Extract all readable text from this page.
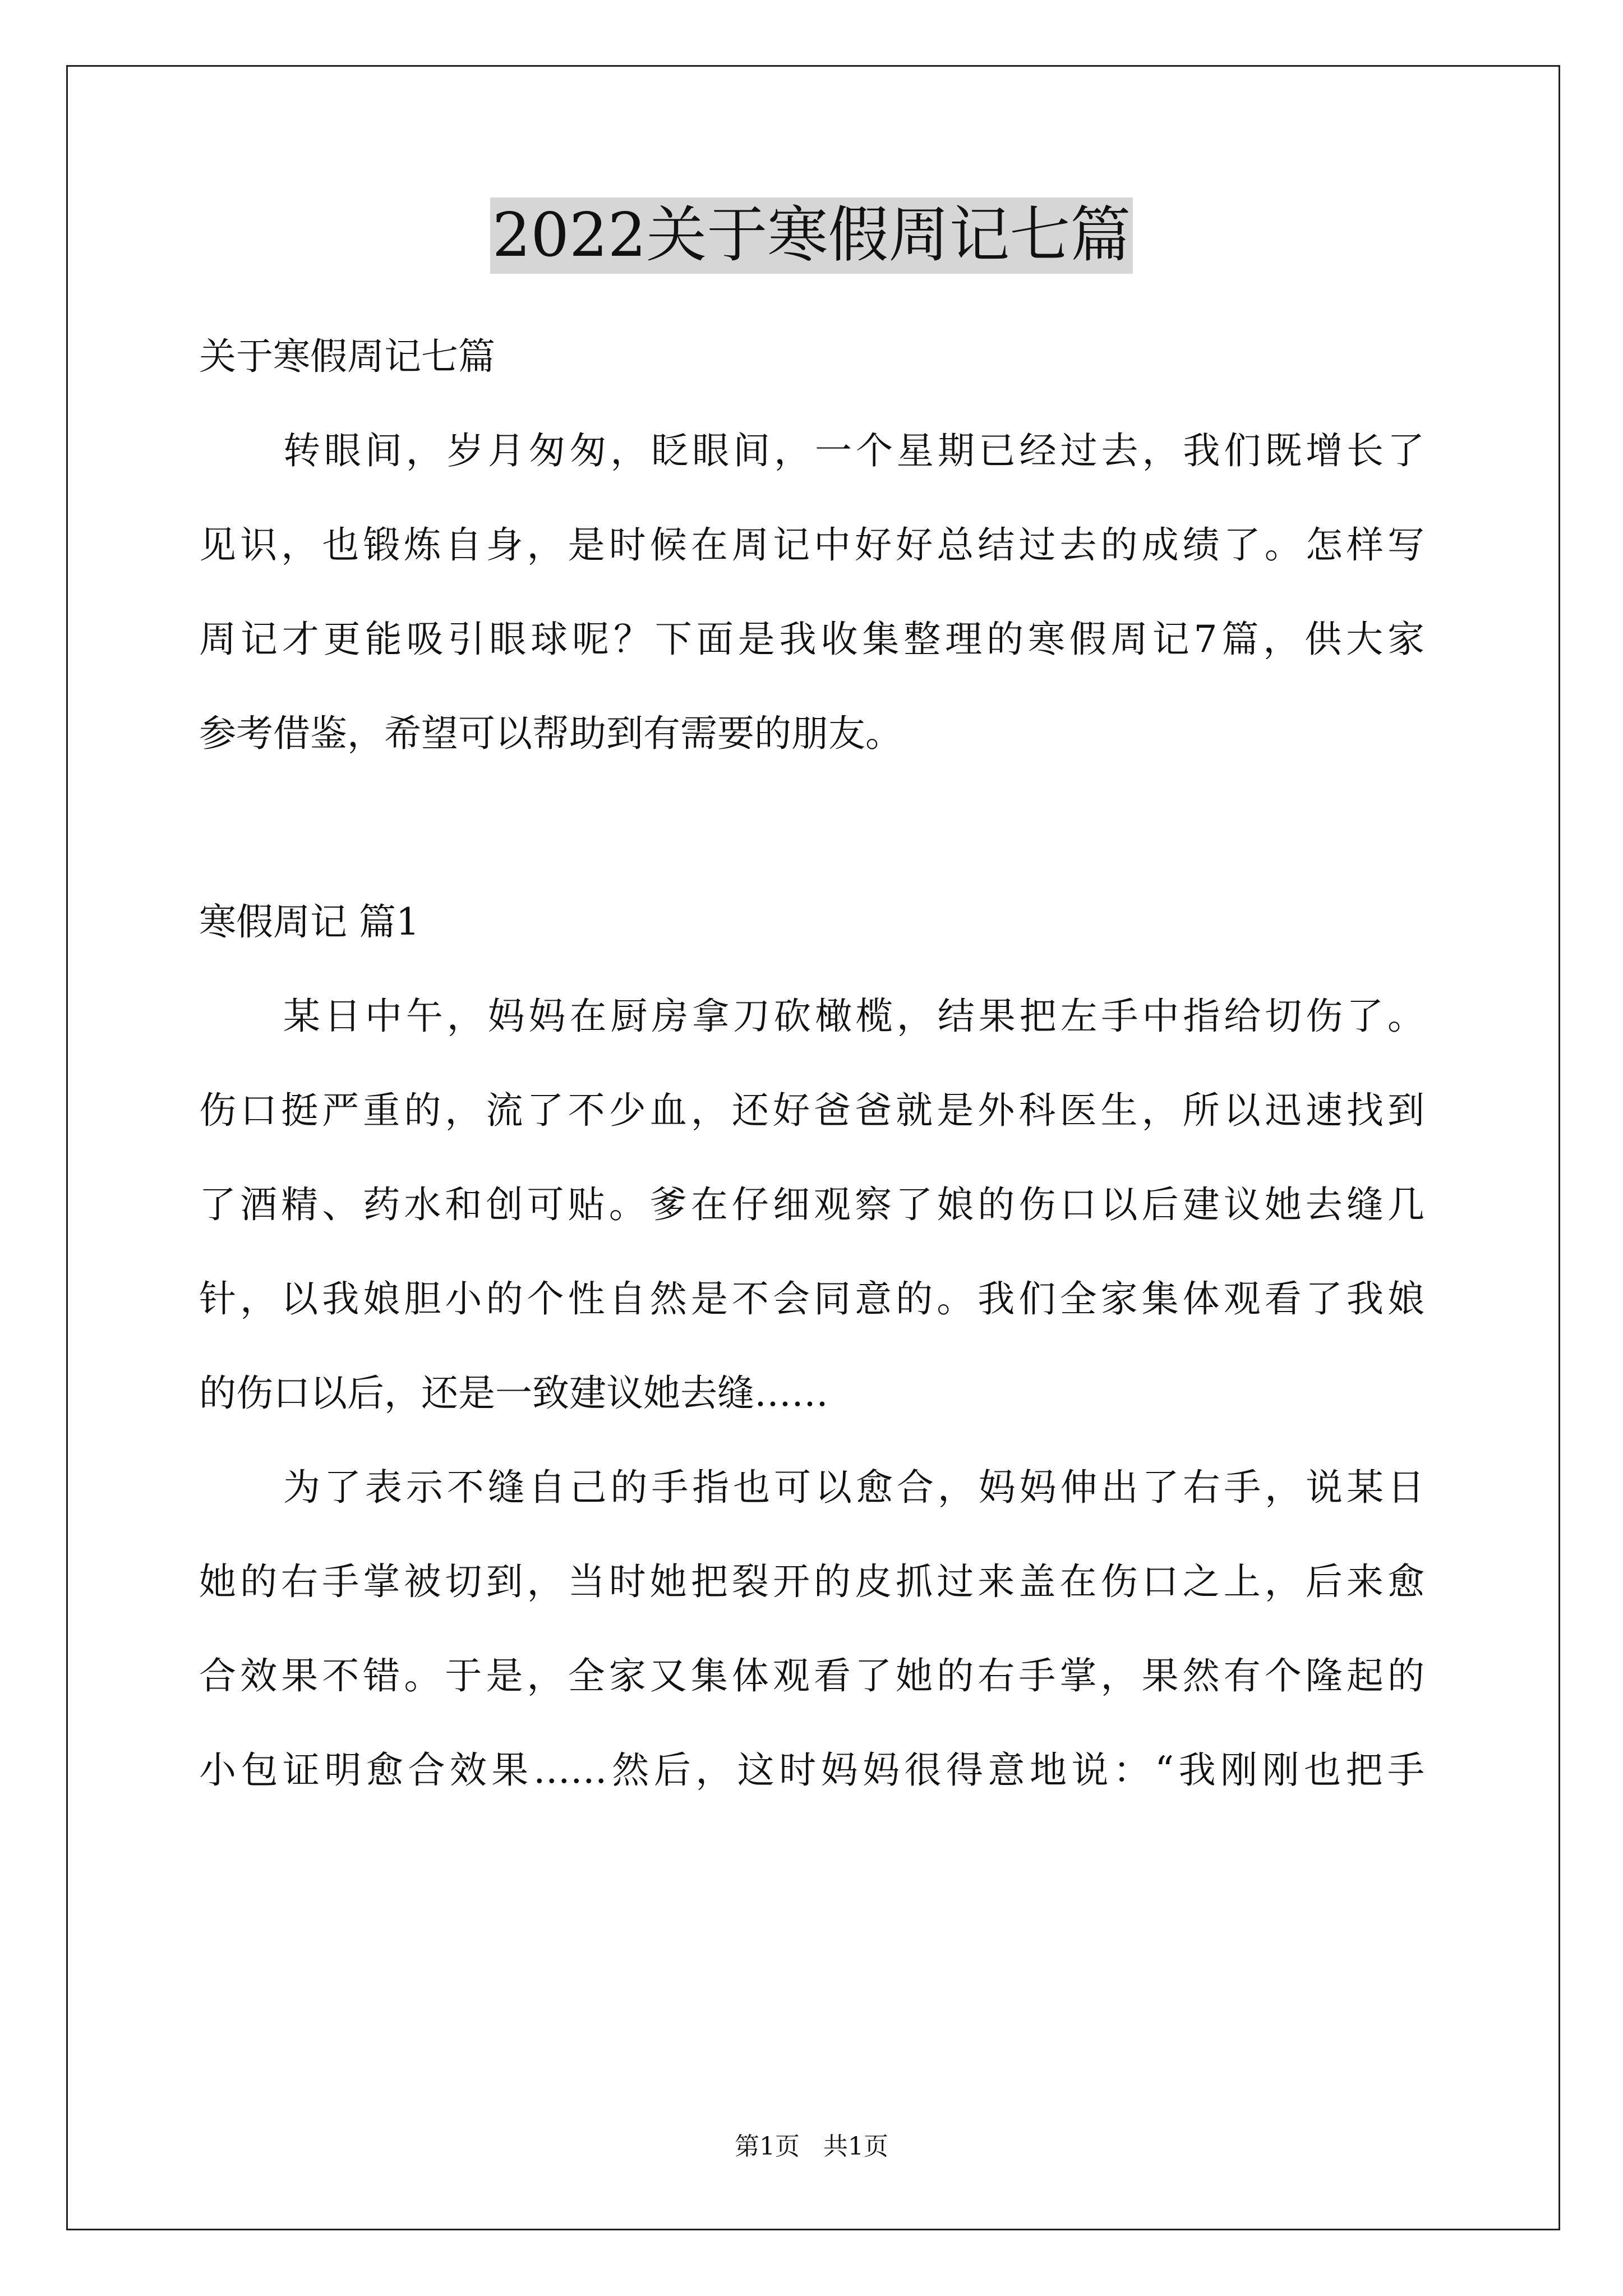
2022关于寒假周记七篇
关于寒假周记七篇
转眼间，岁月匆匆，眨眼间，一个星期已经过去，我们既增长了
见识，也锻炼自身，是时候在周记中好好总结过去的成绩了。怎样写
周记才更能吸引眼球呢？下面是我收集整理的寒假周记7篇，供大家
参考借鉴，希望可以帮助到有需要的朋友。
寒假周记 篇1
某日中午，妈妈在厨房拿刀砍橄榄，结果把左手中指给切伤了。
伤口挺严重的，流了不少血，还好爸爸就是外科医生，所以迅速找到
了酒精、药水和创可贴。爹在仔细观察了娘的伤口以后建议她去缝几
针，以我娘胆小的个性自然是不会同意的。我们全家集体观看了我娘
的伤口以后，还是一致建议她去缝……
为了表示不缝自己的手指也可以愈合，妈妈伸出了右手，说某日
她的右手掌被切到，当时她把裂开的皮抓过来盖在伤口之上，后来愈
合效果不错。于是，全家又集体观看了她的右手掌，果然有个隆起的
小包证明愈合效果……然后，这时妈妈很得意地说：“我刚刚也把手
第1页 共1页
